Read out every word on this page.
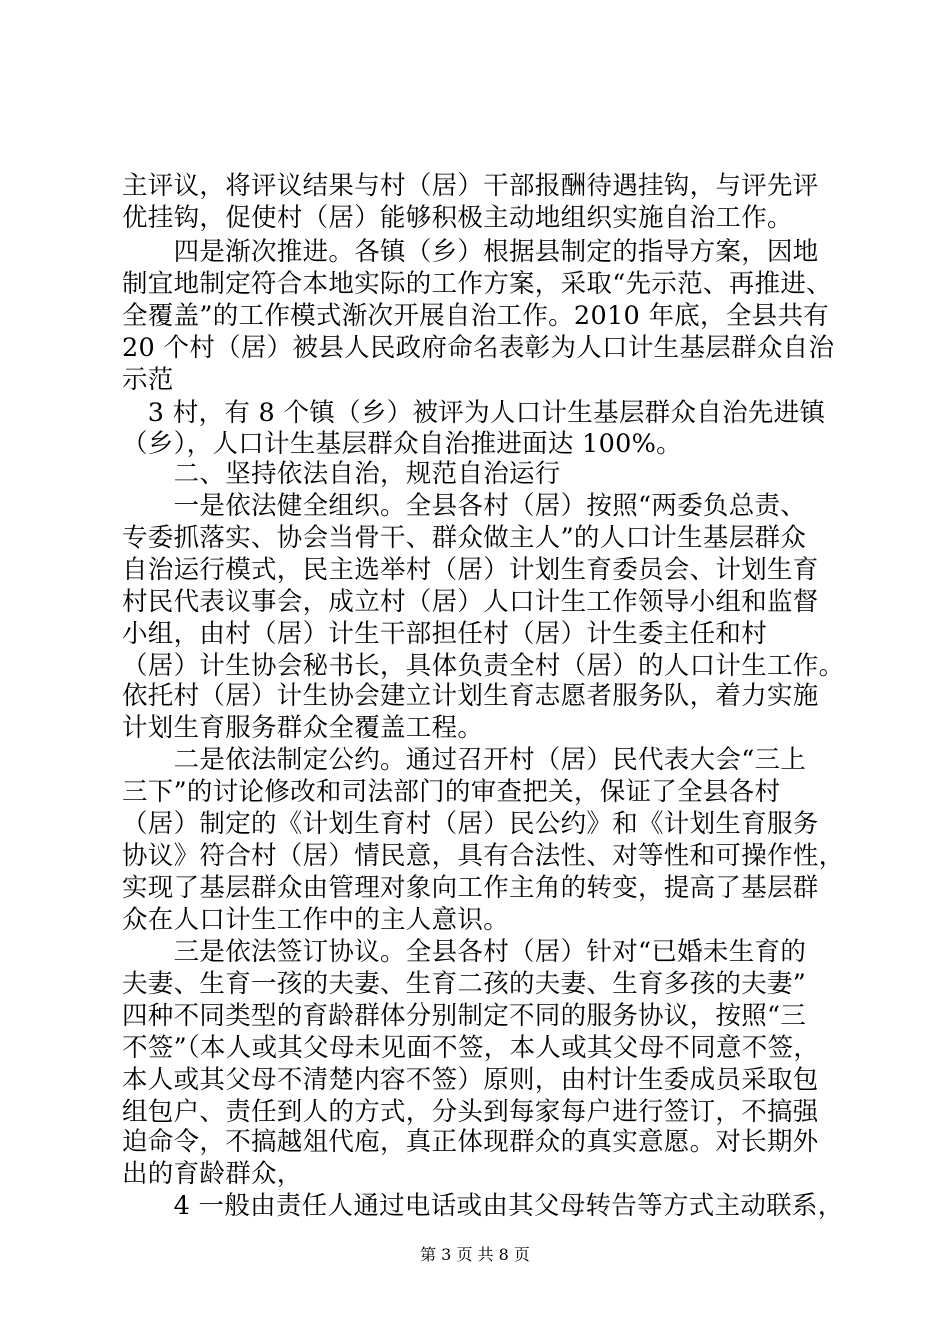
主评议，将评议结果与村（居）干部报酬待遇挂钩，与评先评
优挂钩，促使村（居）能够积极主动地组织实施自治工作。
　　四是渐次推进。各镇（乡）根据县制定的指导方案，因地
制宜地制定符合本地实际的工作方案，采取“先示范、再推进、
全覆盖”的工作模式渐次开展自治工作。2010 年底，全县共有
20 个村（居）被县人民政府命名表彰为人口计生基层群众自治
示范
　3 村，有 8 个镇（乡）被评为人口计生基层群众自治先进镇
（乡），人口计生基层群众自治推进面达 100%。
　　二、坚持依法自治，规范自治运行
　　一是依法健全组织。全县各村（居）按照“两委负总责、
专委抓落实、协会当骨干、群众做主人”的人口计生基层群众
自治运行模式，民主选举村（居）计划生育委员会、计划生育
村民代表议事会，成立村（居）人口计生工作领导小组和监督
小组，由村（居）计生干部担任村（居）计生委主任和村
（居）计生协会秘书长，具体负责全村（居）的人口计生工作。
依托村（居）计生协会建立计划生育志愿者服务队，着力实施
计划生育服务群众全覆盖工程。
　　二是依法制定公约。通过召开村（居）民代表大会“三上
三下”的讨论修改和司法部门的审查把关，保证了全县各村
（居）制定的《计划生育村（居）民公约》和《计划生育服务
协议》符合村（居）情民意，具有合法性、对等性和可操作性，
实现了基层群众由管理对象向工作主角的转变，提高了基层群
众在人口计生工作中的主人意识。
　　三是依法签订协议。全县各村（居）针对“已婚未生育的
夫妻、生育一孩的夫妻、生育二孩的夫妻、生育多孩的夫妻”
四种不同类型的育龄群体分别制定不同的服务协议，按照“三
不签”（本人或其父母未见面不签，本人或其父母不同意不签，
本人或其父母不清楚内容不签）原则，由村计生委成员采取包
组包户、责任到人的方式，分头到每家每户进行签订，不搞强
迫命令，不搞越俎代庖，真正体现群众的真实意愿。对长期外
出的育龄群众，
　　4 一般由责任人通过电话或由其父母转告等方式主动联系，
第 3 页 共 8 页
